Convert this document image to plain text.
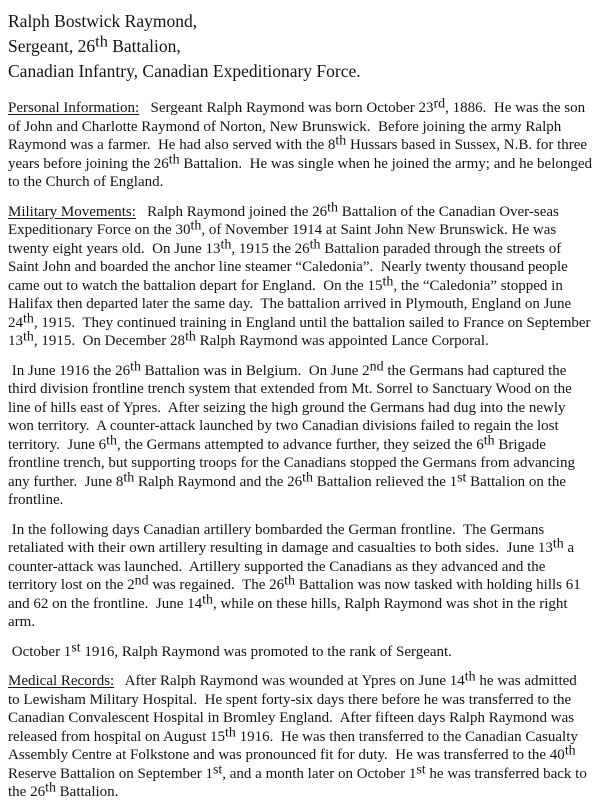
Ralph Bostwick Raymond,
Sergeant, 26th Battalion,
Canadian Infantry, Canadian Expeditionary Force.

Personal Information:   Sergeant Ralph Raymond was born October 23rd, 1886.  He was the son of John and Charlotte Raymond of Norton, New Brunswick.  Before joining the army Ralph Raymond was a farmer.  He had also served with the 8th Hussars based in Sussex, N.B. for three years before joining the 26th Battalion.  He was single when he joined the army; and he belonged to the Church of England.

Military Movements:   Ralph Raymond joined the 26th Battalion of the Canadian Over-seas Expeditionary Force on the 30th, of November 1914 at Saint John New Brunswick. He was twenty eight years old.  On June 13th, 1915 the 26th Battalion paraded through the streets of Saint John and boarded the anchor line steamer “Caledonia”.  Nearly twenty thousand people came out to watch the battalion depart for England.  On the 15th, the “Caledonia” stopped in Halifax then departed later the same day.  The battalion arrived in Plymouth, England on June 24th, 1915.  They continued training in England until the battalion sailed to France on September 13th, 1915.  On December 28th Ralph Raymond was appointed Lance Corporal.

In June 1916 the 26th Battalion was in Belgium.  On June 2nd the Germans had captured the third division frontline trench system that extended from Mt. Sorrel to Sanctuary Wood on the line of hills east of Ypres.  After seizing the high ground the Germans had dug into the newly won territory.  A counter-attack launched by two Canadian divisions failed to regain the lost territory.  June 6th, the Germans attempted to advance further, they seized the 6th Brigade frontline trench, but supporting troops for the Canadians stopped the Germans from advancing any further.  June 8th Ralph Raymond and the 26th Battalion relieved the 1st Battalion on the frontline.

In the following days Canadian artillery bombarded the German frontline.  The Germans retaliated with their own artillery resulting in damage and casualties to both sides.  June 13th a counter-attack was launched.  Artillery supported the Canadians as they advanced and the territory lost on the 2nd was regained.  The 26th Battalion was now tasked with holding hills 61 and 62 on the frontline.  June 14th, while on these hills, Ralph Raymond was shot in the right arm.

October 1st 1916, Ralph Raymond was promoted to the rank of Sergeant.

Medical Records:   After Ralph Raymond was wounded at Ypres on June 14th he was admitted to Lewisham Military Hospital.  He spent forty-six days there before he was transferred to the Canadian Convalescent Hospital in Bromley England.  After fifteen days Ralph Raymond was released from hospital on August 15th 1916.  He was then transferred to the Canadian Casualty Assembly Centre at Folkstone and was pronounced fit for duty.  He was transferred to the 40th Reserve Battalion on September 1st, and a month later on October 1st he was transferred back to the 26th Battalion.
